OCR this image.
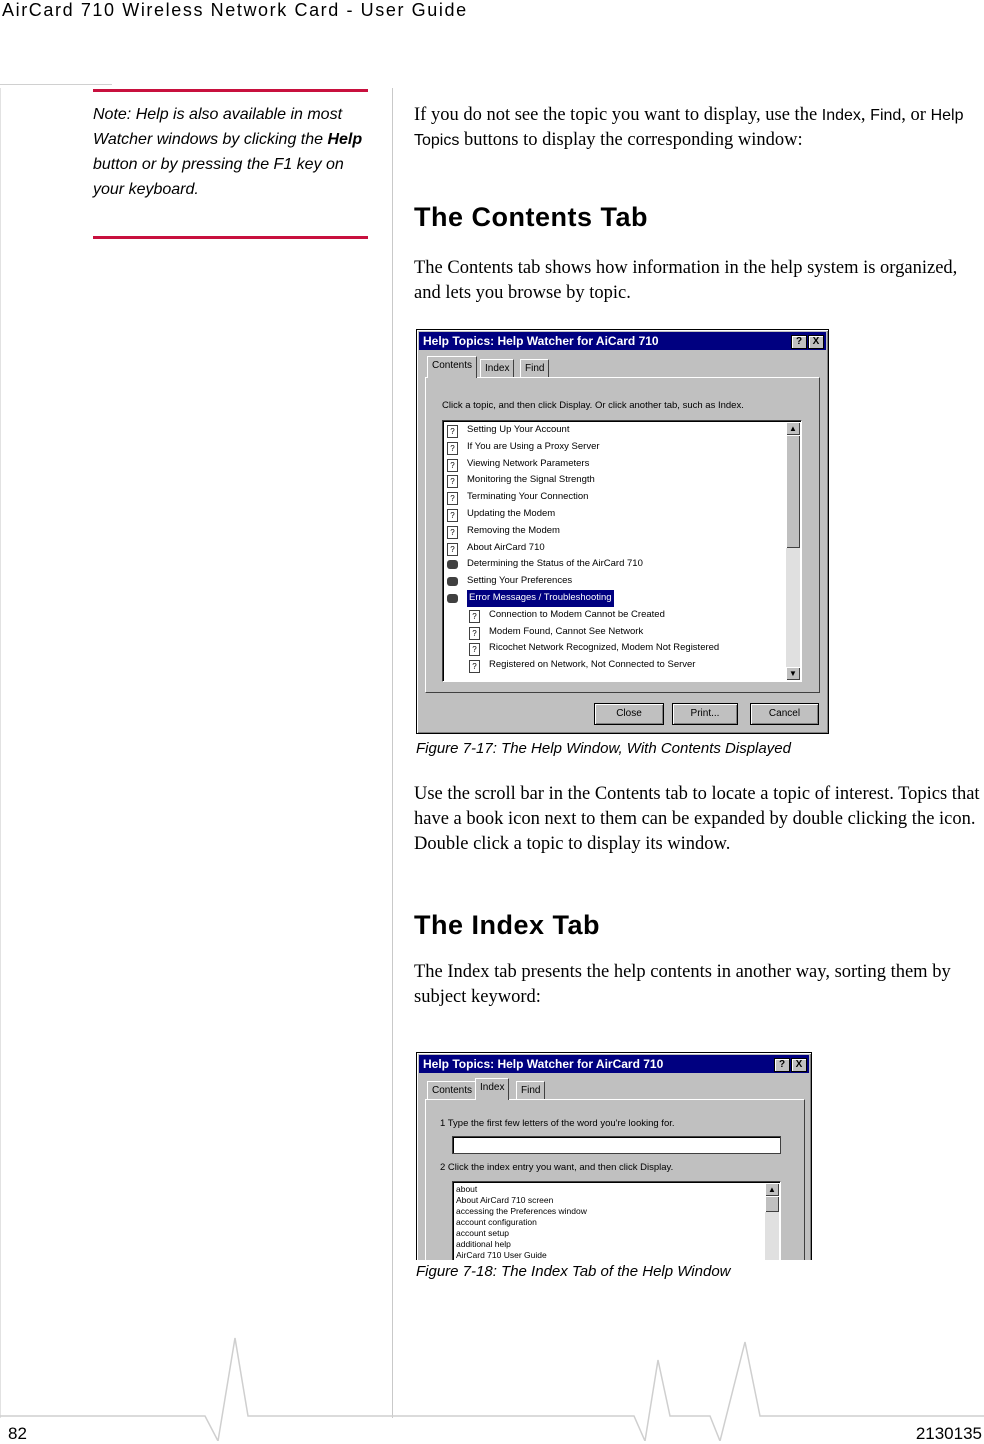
AirCard 710 Wireless Network Card - User Guide
Note: Help is also available in most Watcher windows by clicking the Help button or by pressing the F1 key on your keyboard.
If you do not see the topic you want to display, use the Index, Find, or Help Topics buttons to display the corresponding window:
The Contents Tab
The Contents tab shows how information in the help system is organized, and lets you browse by topic.
Help Topics: Help Watcher for AiCard 710	?	X
Contents	Index	Find
Click a topic, and then click Display. Or click another tab, such as Index.
?	Setting Up Your Account
?	If You are Using a Proxy Server
?	Viewing Network Parameters
?	Monitoring the Signal Strength
?	Terminating Your Connection
?	Updating the Modem
?	Removing the Modem
?	About AirCard 710
Determining the Status of the AirCard 710
Setting Your Preferences
Error Messages / Troubleshooting
?	Connection to Modem Cannot be Created
?	Modem Found, Cannot See Network
?	Ricochet Network Recognized, Modem Not Registered
?	Registered on Network, Not Connected to Server
▲
▼
Close	Print...	Cancel
Figure 7-17: The Help Window, With Contents Displayed
Use the scroll bar in the Contents tab to locate a topic of interest. Topics that have a book icon next to them can be expanded by double clicking the icon. Double click a topic to display its window.
The Index Tab
The Index tab presents the help contents in another way, sorting them by subject keyword:
Help Topics: Help Watcher for AirCard 710	?	X
Contents Index	Find
1 Type the first few letters of the word you're looking for.
2 Click the index entry you want, and then click Display.
about
About AirCard 710 screen
accessing the Preferences window
account configuration
account setup
additional help
AirCard 710 User Guide
▲
Figure 7-18: The Index Tab of the Help Window
82	2130135
